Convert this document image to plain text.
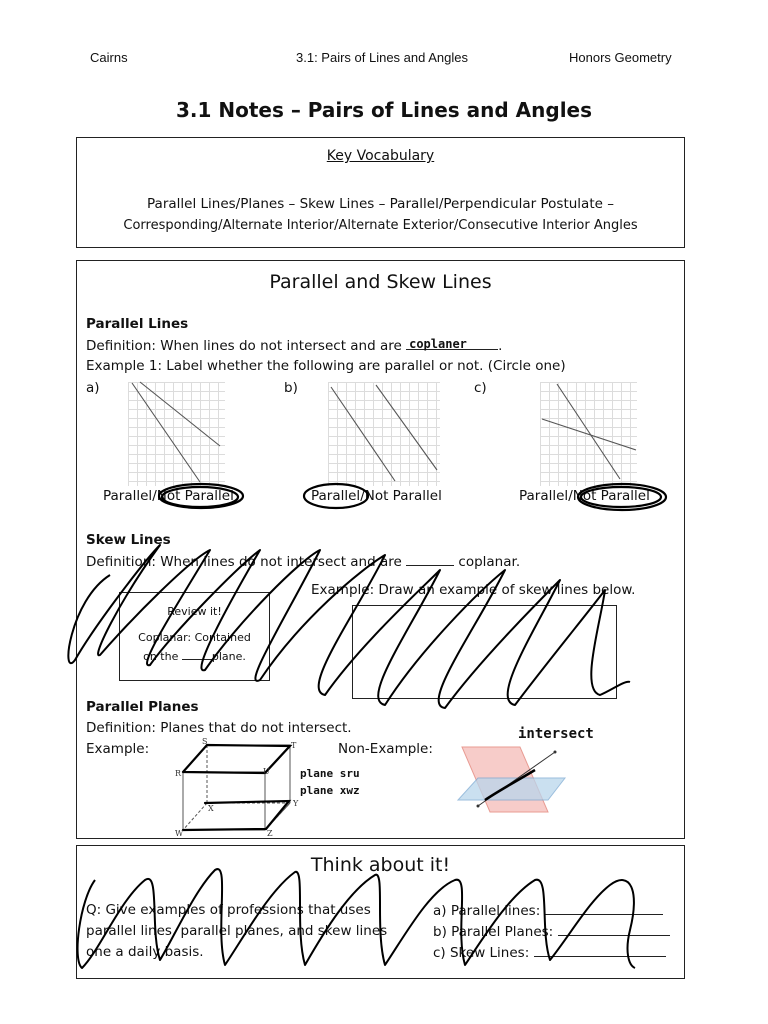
Cairns	3.1: Pairs of Lines and Angles	Honors Geometry
3.1 Notes – Pairs of Lines and Angles
Key Vocabulary
Parallel Lines/Planes – Skew Lines – Parallel/Perpendicular Postulate –
Corresponding/Alternate Interior/Alternate Exterior/Consecutive Interior Angles
Parallel and Skew Lines
Parallel Lines
Definition: When lines do not intersect and are coplaner .
Example 1: Label whether the following are parallel or not. (Circle one)
a)	b)	c)
Parallel/Not Parallel	Parallel/Not Parallel	Parallel/Not Parallel
Skew Lines
Definition: When lines do not intersect and are	coplanar.
Example: Draw an example of skew lines below.
Review it!
Coplanar: Contained
on the	plane.
Parallel Planes
Definition: Planes that do not intersect.
Example:	Non-Example:
S	T
R	U
X
Y
W	Z
plane sru
plane xwz
intersect
Think about it!
Q: Give examples of professions that uses
parallel lines, parallel planes, and skew lines
one a daily basis.
a) Parallel lines:
b) Parallel Planes:
c) Skew Lines:
